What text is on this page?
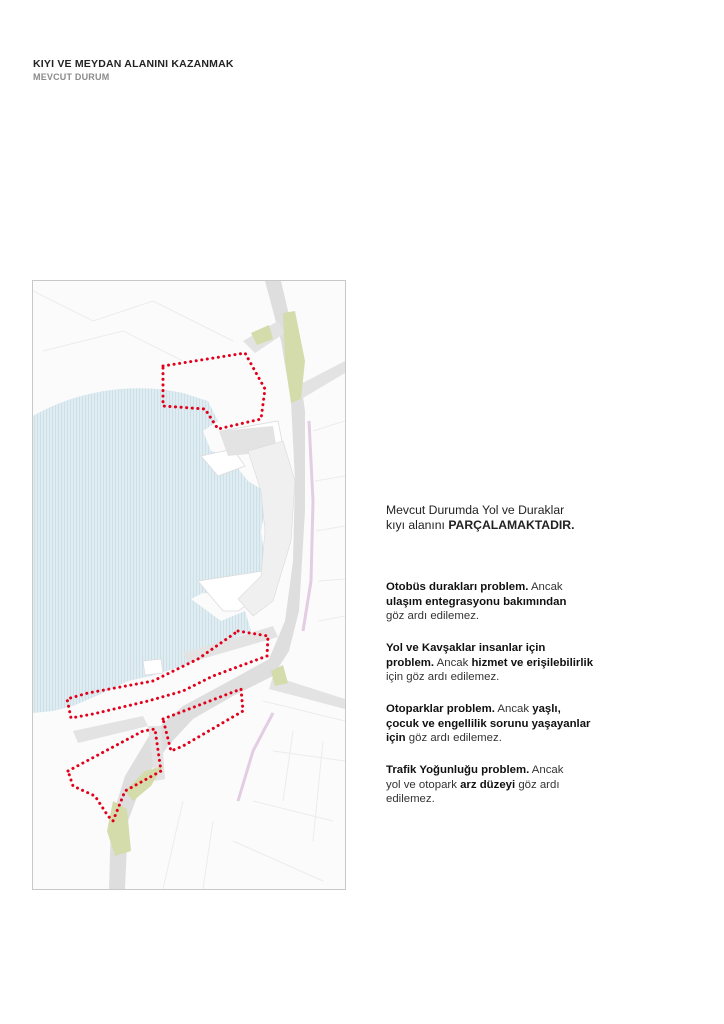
KIYI VE MEYDAN ALANINI KAZANMAK
MEVCUT DURUM
Mevcut Durumda Yol ve Duraklar
kıyı alanını PARÇALAMAKTADIR.
Otobüs durakları problem. Ancak
ulaşım entegrasyonu bakımından
göz ardı edilemez.
Yol ve Kavşaklar insanlar için
problem. Ancak hizmet ve erişilebilirlik
için göz ardı edilemez.
Otoparklar problem. Ancak yaşlı,
çocuk ve engellilik sorunu yaşayanlar
için göz ardı edilemez.
Trafik Yoğunluğu problem. Ancak
yol ve otopark arz düzeyi göz ardı
edilemez.
